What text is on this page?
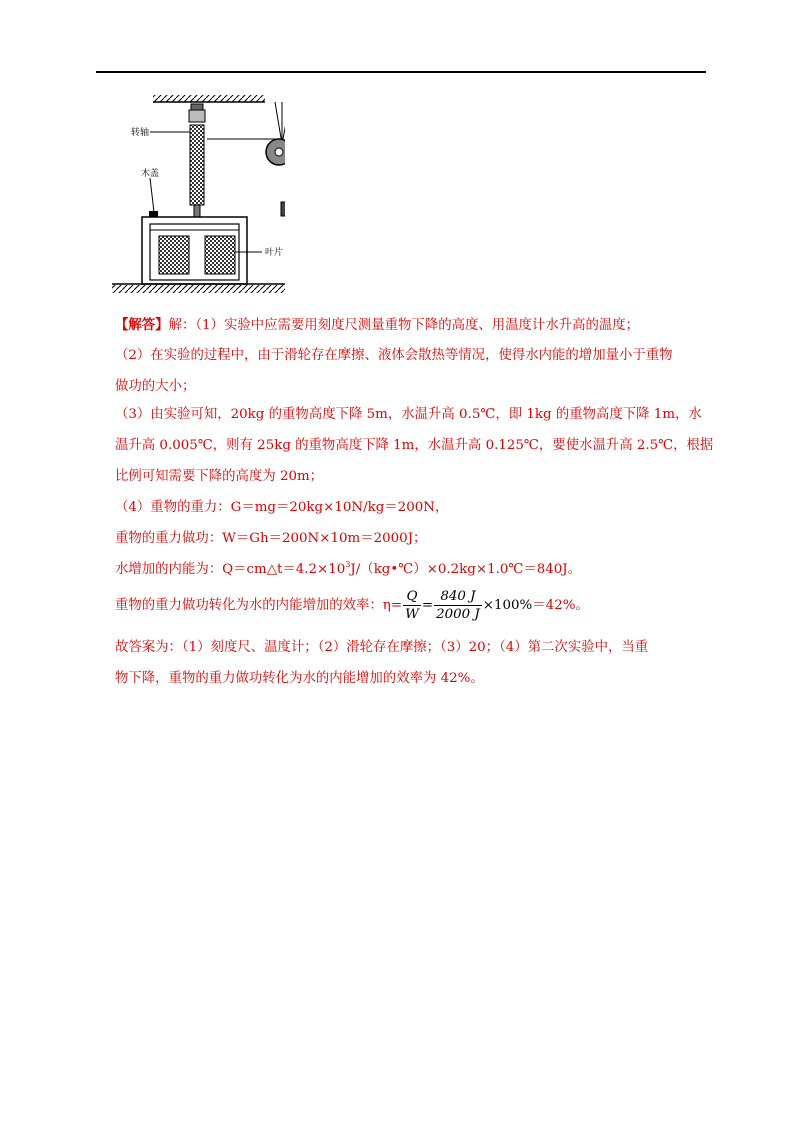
转轴
木盖
叶片
【解答】解：（1）实验中应需要用刻度尺测量重物下降的高度、用温度计水升高的温度；
（2）在实验的过程中，由于滑轮存在摩擦、液体会散热等情况，使得水内能的增加量小于重物
做功的大小；
（3）由实验可知，20kg 的重物高度下降 5m，水温升高 0.5℃，即 1kg 的重物高度下降 1m，水
温升高 0.005℃，则有 25kg 的重物高度下降 1m，水温升高 0.125℃，要使水温升高 2.5℃，根据
比例可知需要下降的高度为 20m；
（4）重物的重力：G＝mg＝20kg×10N/kg＝200N，
重物的重力做功：W＝Gh＝200N×10m＝2000J；
水增加的内能为：$Q=cm\triangle t=4.2\times 10^3J/(kg•℃)\times 0.2kg\times 1.0℃=840J$。
重物的重力做功转化为水的内能增加的效率：$\eta= \frac{Q}{W} = \frac{840 J}{2000 J} \times 100\%=42\%$。
故答案为：（1）刻度尺、温度计；（2）滑轮存在摩擦；（3）20；（4）第二次实验中，当重
物下降，重物的重力做功转化为水的内能增加的效率为 42%。
